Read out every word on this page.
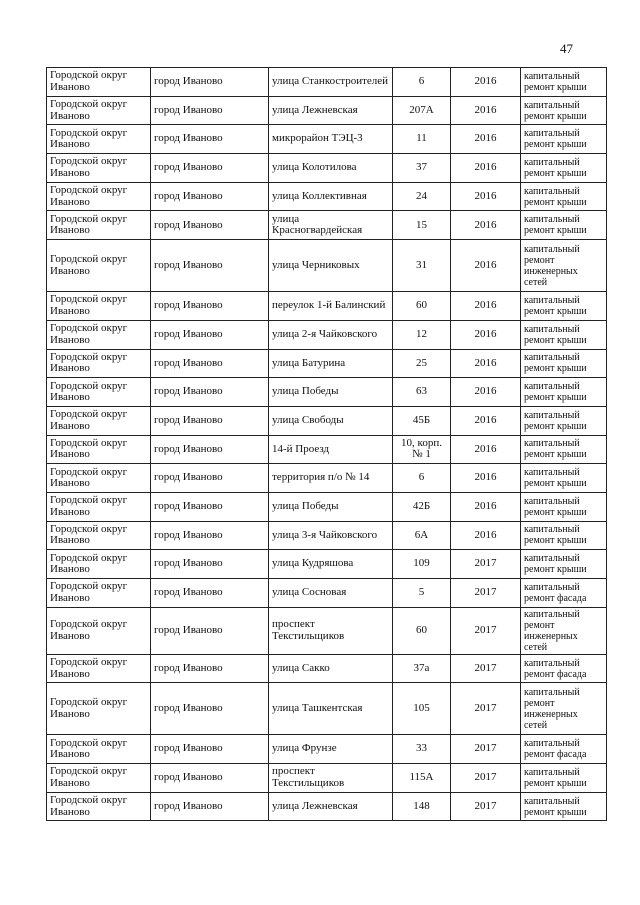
47
Городской округ Иваново	город Иваново	улица Станкостроителей	6	2016	капитальный ремонт крыши
Городской округ Иваново	город Иваново	улица Лежневская	207А	2016	капитальный ремонт крыши
Городской округ Иваново	город Иваново	микрорайон ТЭЦ-3	11	2016	капитальный ремонт крыши
Городской округ Иваново	город Иваново	улица Колотилова	37	2016	капитальный ремонт крыши
Городской округ Иваново	город Иваново	улица Коллективная	24	2016	капитальный ремонт крыши
Городской округ Иваново	город Иваново	улица Красногвардейская	15	2016	капитальный ремонт крыши
Городской округ Иваново	город Иваново	улица Черниковых	31	2016	капитальный ремонт инженерных сетей
Городской округ Иваново	город Иваново	переулок 1-й Балинский	60	2016	капитальный ремонт крыши
Городской округ Иваново	город Иваново	улица 2-я Чайковского	12	2016	капитальный ремонт крыши
Городской округ Иваново	город Иваново	улица Батурина	25	2016	капитальный ремонт крыши
Городской округ Иваново	город Иваново	улица Победы	63	2016	капитальный ремонт крыши
Городской округ Иваново	город Иваново	улица Свободы	45Б	2016	капитальный ремонт крыши
Городской округ Иваново	город Иваново	14-й Проезд	10, корп. № 1	2016	капитальный ремонт крыши
Городской округ Иваново	город Иваново	территория п/о № 14	6	2016	капитальный ремонт крыши
Городской округ Иваново	город Иваново	улица Победы	42Б	2016	капитальный ремонт крыши
Городской округ Иваново	город Иваново	улица 3-я Чайковского	6А	2016	капитальный ремонт крыши
Городской округ Иваново	город Иваново	улица Кудряшова	109	2017	капитальный ремонт крыши
Городской округ Иваново	город Иваново	улица Сосновая	5	2017	капитальный ремонт фасада
Городской округ Иваново	город Иваново	проспект Текстильщиков	60	2017	капитальный ремонт инженерных сетей
Городской округ Иваново	город Иваново	улица Сакко	37а	2017	капитальный ремонт фасада
Городской округ Иваново	город Иваново	улица Ташкентская	105	2017	капитальный ремонт инженерных сетей
Городской округ Иваново	город Иваново	улица Фрунзе	33	2017	капитальный ремонт фасада
Городской округ Иваново	город Иваново	проспект Текстильщиков	115А	2017	капитальный ремонт крыши
Городской округ Иваново	город Иваново	улица Лежневская	148	2017	капитальный ремонт крыши
